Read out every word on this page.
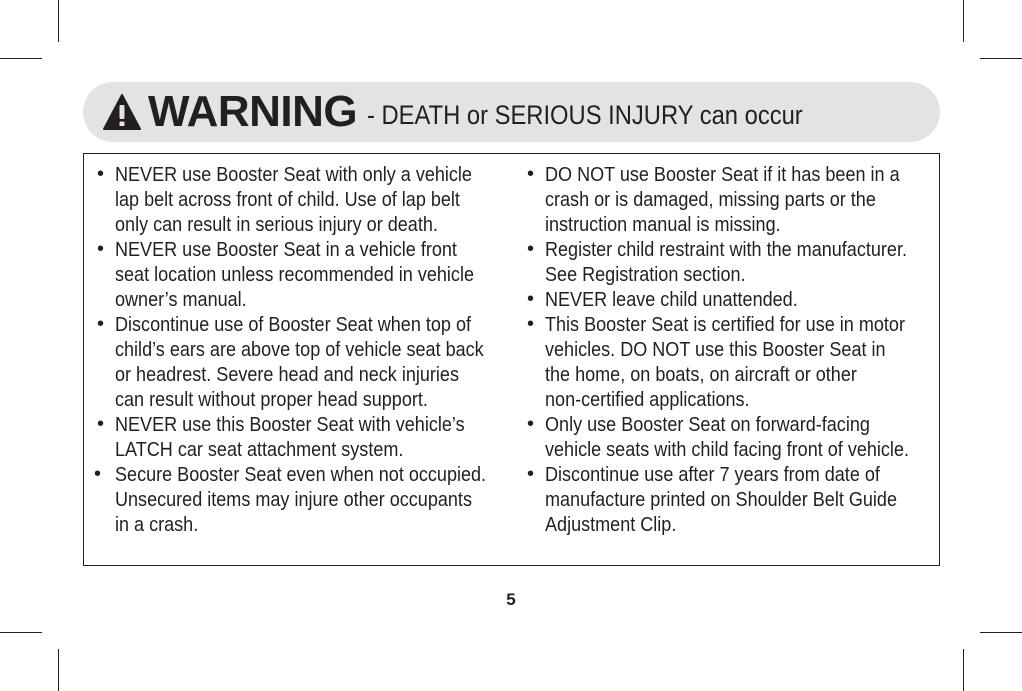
WARNING - DEATH or SERIOUS INJURY can occur
• NEVER use Booster Seat with only a vehicle
lap belt across front of child. Use of lap belt
only can result in serious injury or death.
• NEVER use Booster Seat in a vehicle front
seat location unless recommended in vehicle
owner’s manual.
• Discontinue use of Booster Seat when top of
child’s ears are above top of vehicle seat back
or headrest. Severe head and neck injuries
can result without proper head support.
• NEVER use this Booster Seat with vehicle’s
LATCH car seat attachment system.
• Secure Booster Seat even when not occupied.
Unsecured items may injure other occupants
in a crash.
• DO NOT use Booster Seat if it has been in a
crash or is damaged, missing parts or the
instruction manual is missing.
• Register child restraint with the manufacturer.
See Registration section.
• NEVER leave child unattended.
• This Booster Seat is certified for use in motor
vehicles. DO NOT use this Booster Seat in
the home, on boats, on aircraft or other
non-certified applications.
• Only use Booster Seat on forward-facing
vehicle seats with child facing front of vehicle.
• Discontinue use after 7 years from date of
manufacture printed on Shoulder Belt Guide
Adjustment Clip.
5
